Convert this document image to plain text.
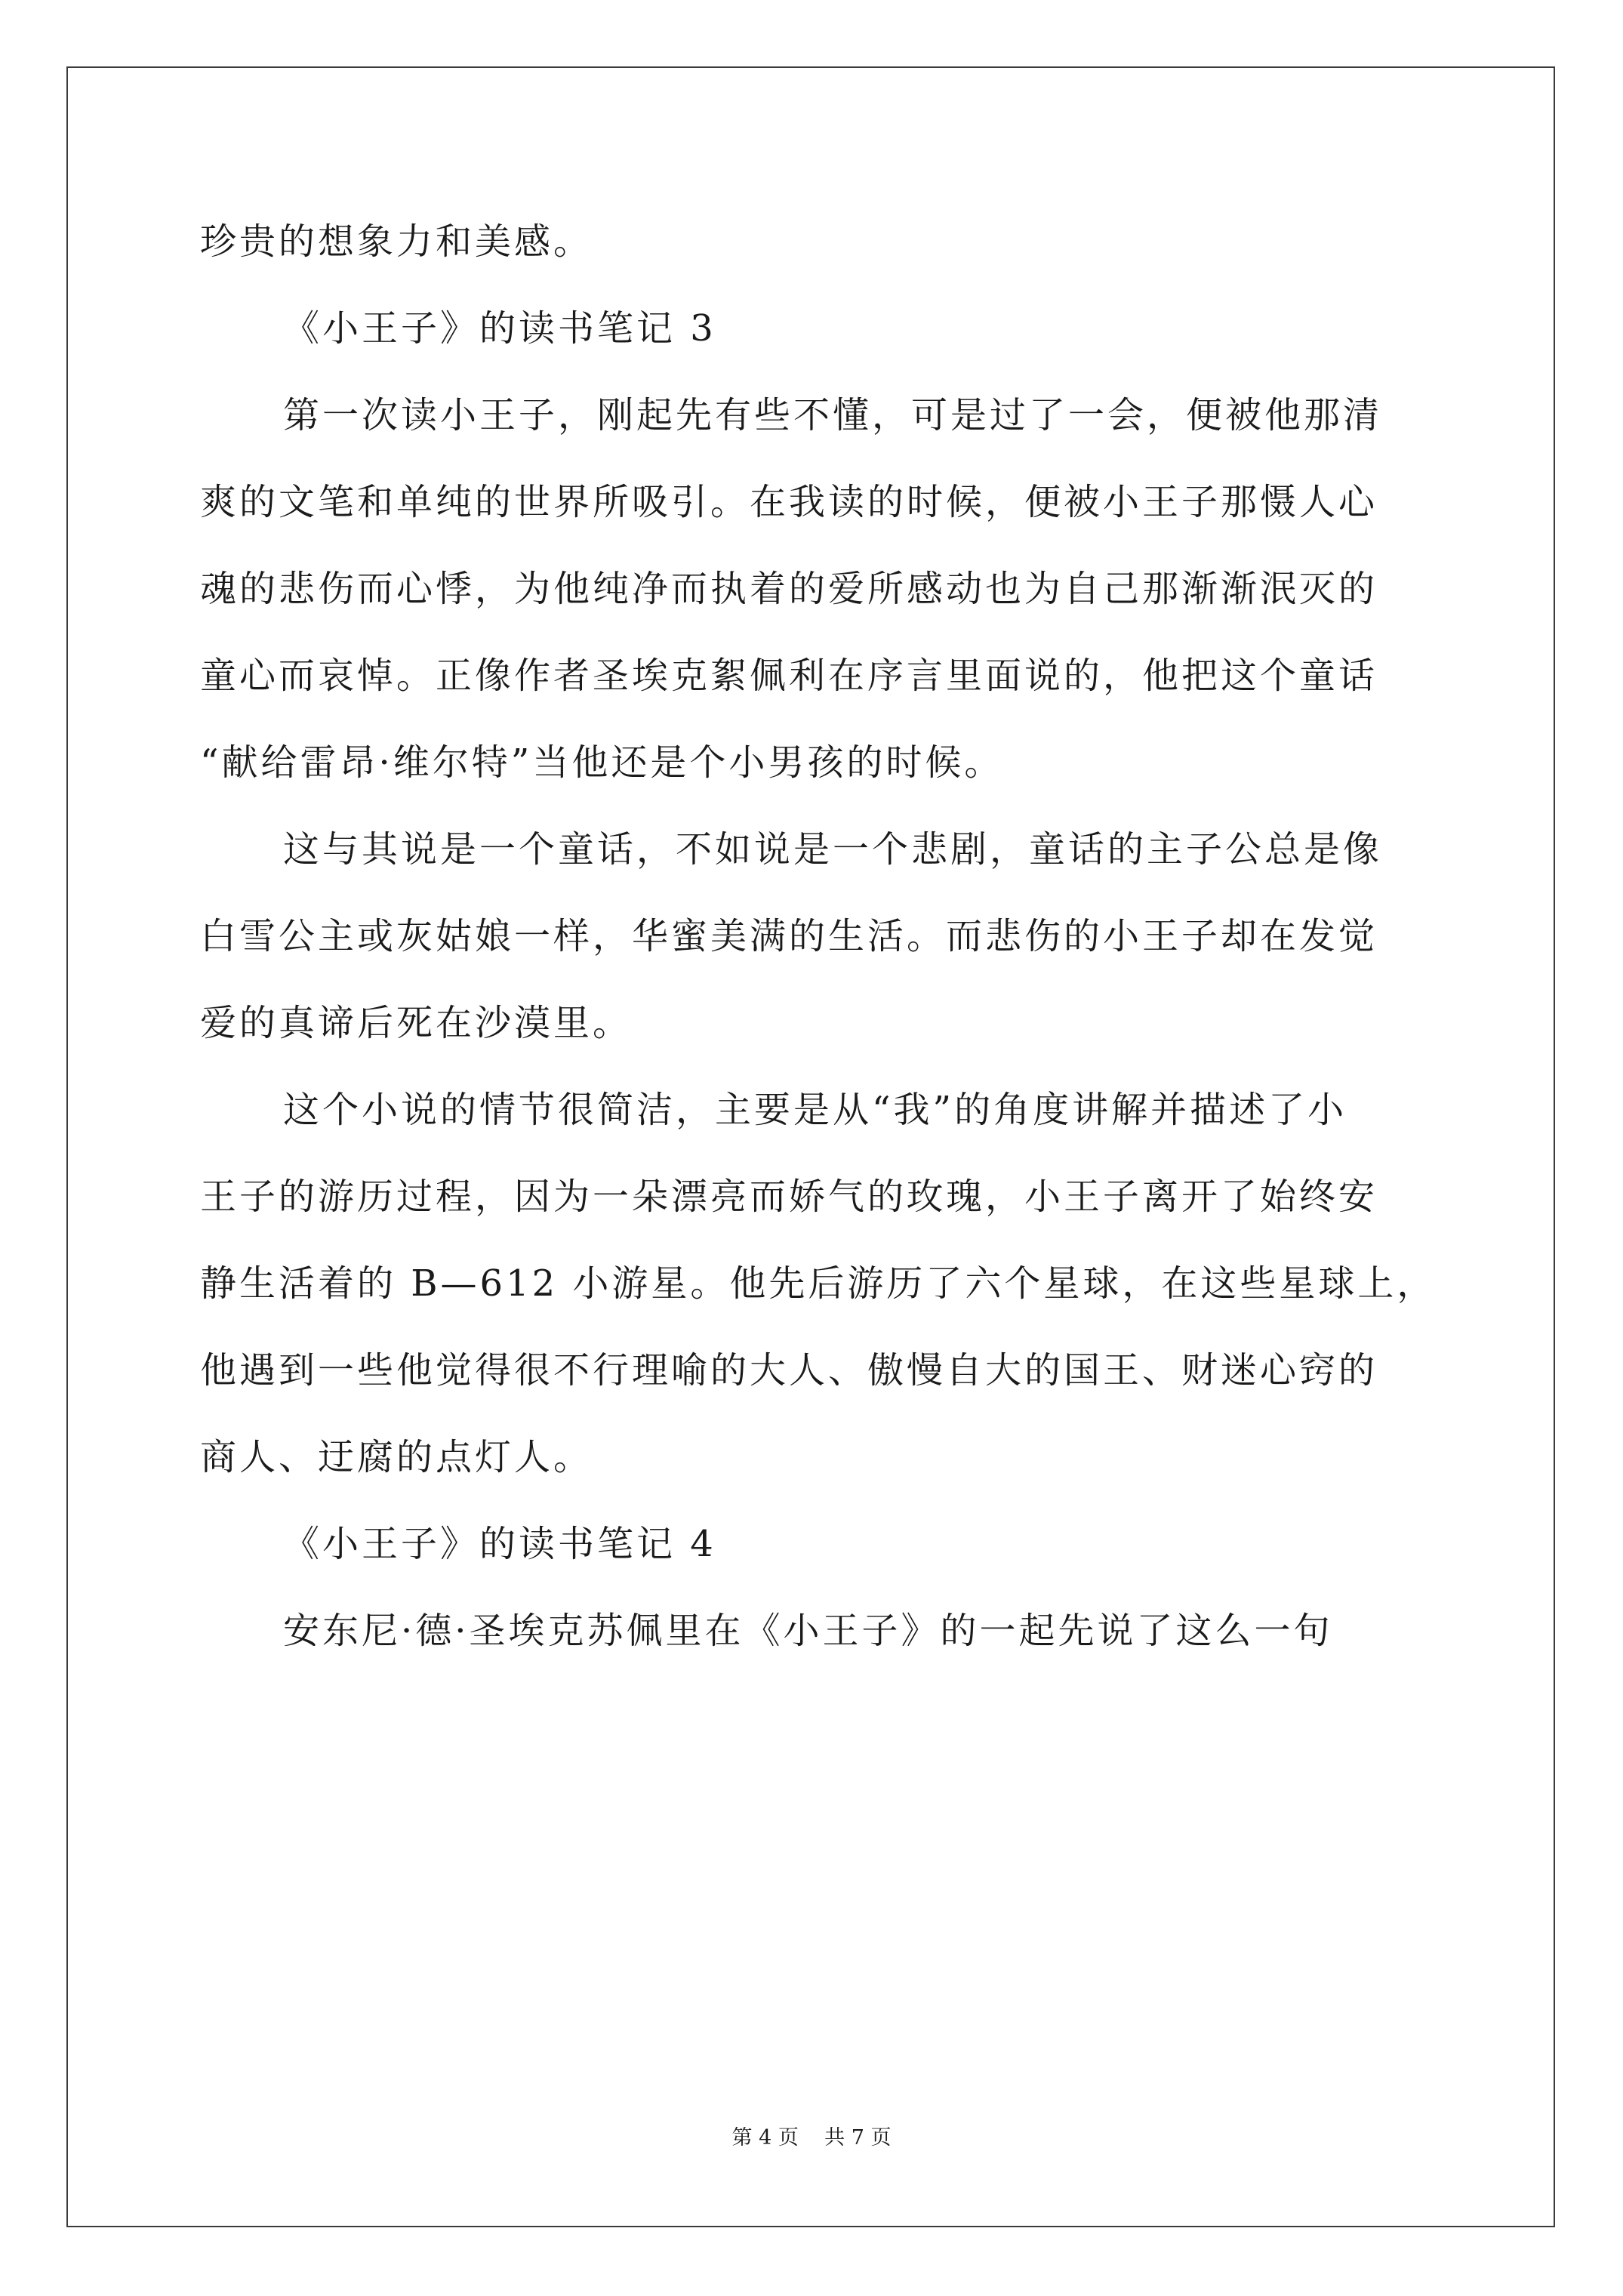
珍贵的想象力和美感。
《小王子》的读书笔记 3
第一次读小王子，刚起先有些不懂，可是过了一会，便被他那清
爽的文笔和单纯的世界所吸引。在我读的时候，便被小王子那慑人心
魂的悲伤而心悸，为他纯净而执着的爱所感动也为自己那渐渐泯灭的
童心而哀悼。正像作者圣埃克絮佩利在序言里面说的，他把这个童话
“献给雷昂·维尔特”当他还是个小男孩的时候。
这与其说是一个童话，不如说是一个悲剧，童话的主子公总是像
白雪公主或灰姑娘一样，华蜜美满的生活。而悲伤的小王子却在发觉
爱的真谛后死在沙漠里。
这个小说的情节很简洁，主要是从“我”的角度讲解并描述了小
王子的游历过程，因为一朵漂亮而娇气的玫瑰，小王子离开了始终安
静生活着的 B—612 小游星。他先后游历了六个星球，在这些星球上，
他遇到一些他觉得很不行理喻的大人、傲慢自大的国王、财迷心窍的
商人、迂腐的点灯人。
《小王子》的读书笔记 4
安东尼·德·圣埃克苏佩里在《小王子》的一起先说了这么一句
第 4 页    共 7 页
